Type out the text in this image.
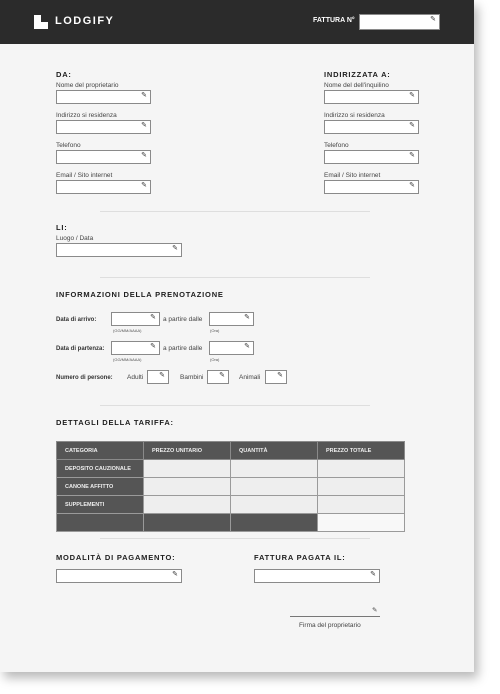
LODGIFY	FATTURA N°	✎
DA:
Nome del proprietario
✎
Indirizzo si residenza
✎
Telefono
✎
Email / Sito internet
✎
INDIRIZZATA A:
Nome del dell'inquilino
✎
Indirizzo si residenza
✎
Telefono
✎
Email / Sito internet
✎
LI:
Luogo / Data
✎
INFORMAZIONI DELLA PRENOTAZIONE
Data di arrivo:	✎
(GG/MM/AAAA)
a partire dalle	✎
(Ora)
Data di partenza:	✎
(GG/MM/AAAA)
a partire dalle	✎
(Ora)
Numero di persone: Adulti ✎ Bambini ✎ Animali ✎
DETTAGLI DELLA TARIFFA:
CATEGORIA	PREZZO UNITARIO	QUANTITÀ	PREZZO TOTALE
DEPOSITO CAUZIONALE			
CANONE AFFITTO			
SUPPLEMENTI			

MODALITÀ DI PAGAMENTO:
✎
FATTURA PAGATA IL:
✎
✎
Firma del proprietario
